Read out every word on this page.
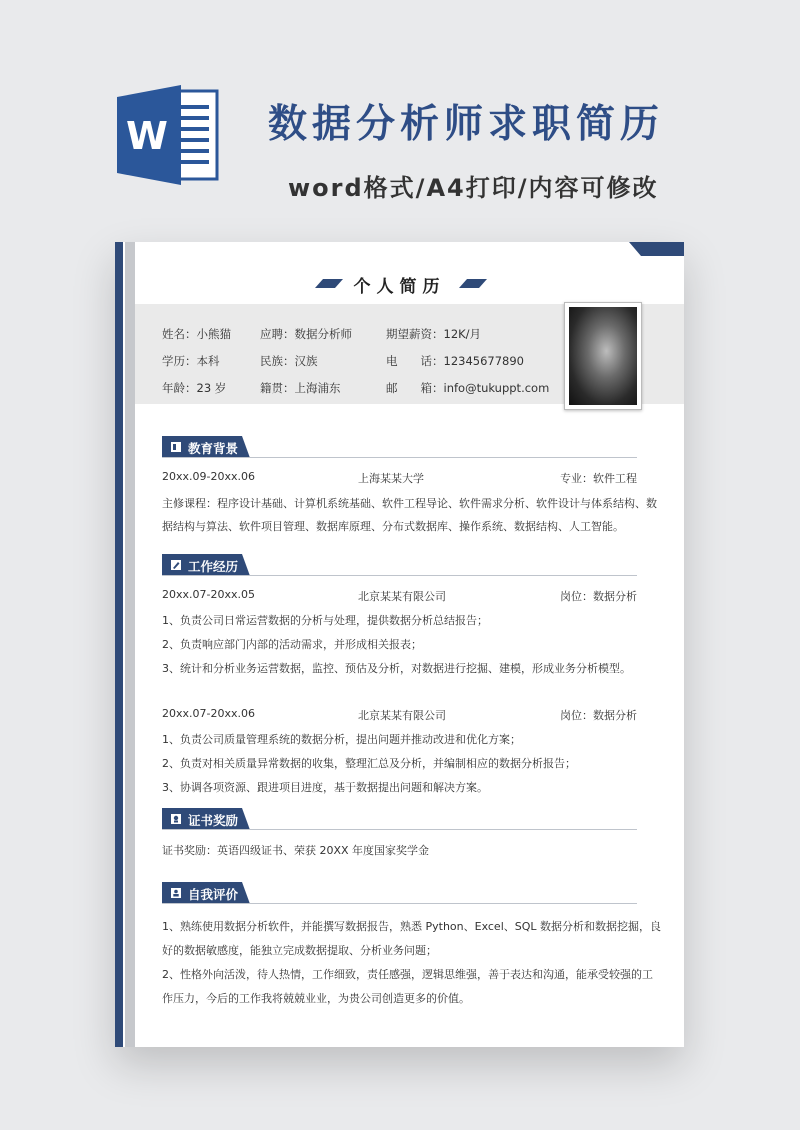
W	数据分析师求职简历
word格式/A4打印/内容可修改
个人简历
姓名：小熊猫	应聘：数据分析师	期望薪资：12K/月
学历：本科	民族：汉族	电　　话：12345677890
年龄：23 岁	籍贯：上海浦东	邮　　箱：info@tukuppt.com
教育背景
20xx.09-20xx.06	上海某某大学	专业：软件工程
主修课程：程序设计基础、计算机系统基础、软件工程导论、软件需求分析、软件设计与体系结构、数
据结构与算法、软件项目管理、数据库原理、分布式数据库、操作系统、数据结构、人工智能。
工作经历
20xx.07-20xx.05	北京某某有限公司	岗位：数据分析
1、负责公司日常运营数据的分析与处理，提供数据分析总结报告；
2、负责响应部门内部的活动需求，并形成相关报表；
3、统计和分析业务运营数据，监控、预估及分析，对数据进行挖掘、建模，形成业务分析模型。
20xx.07-20xx.06	北京某某有限公司	岗位：数据分析
1、负责公司质量管理系统的数据分析，提出问题并推动改进和优化方案；
2、负责对相关质量异常数据的收集，整理汇总及分析，并编制相应的数据分析报告；
3、协调各项资源、跟进项目进度，基于数据提出问题和解决方案。
证书奖励
证书奖励：英语四级证书、荣获 20XX 年度国家奖学金
自我评价
1、熟练使用数据分析软件，并能撰写数据报告，熟悉 Python、Excel、SQL 数据分析和数据挖掘，良
好的数据敏感度，能独立完成数据提取、分析业务问题；
2、性格外向活泼，待人热情，工作细致，责任感强，逻辑思维强，善于表达和沟通，能承受较强的工
作压力，今后的工作我将兢兢业业，为贵公司创造更多的价值。
